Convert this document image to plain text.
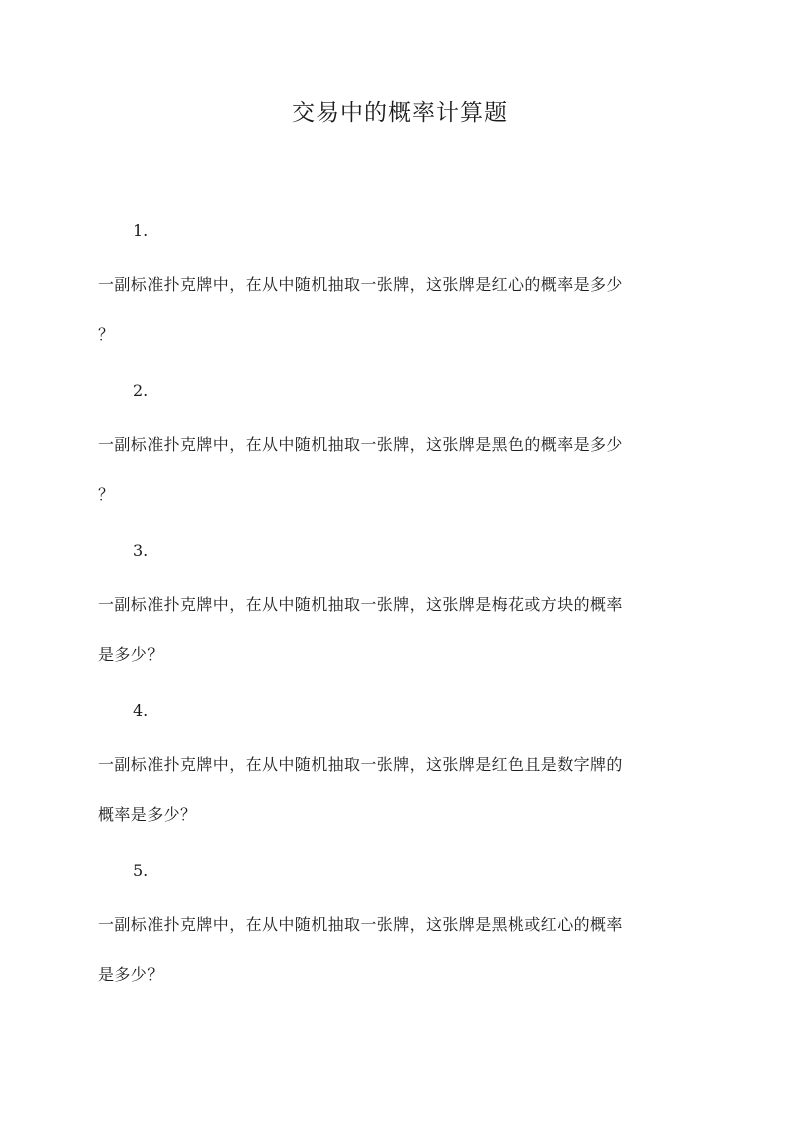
交易中的概率计算题
1.
一副标准扑克牌中，在从中随机抽取一张牌，这张牌是红心的概率是多少
？
2.
一副标准扑克牌中，在从中随机抽取一张牌，这张牌是黑色的概率是多少
？
3.
一副标准扑克牌中，在从中随机抽取一张牌，这张牌是梅花或方块的概率
是多少？
4.
一副标准扑克牌中，在从中随机抽取一张牌，这张牌是红色且是数字牌的
概率是多少？
5.
一副标准扑克牌中，在从中随机抽取一张牌，这张牌是黑桃或红心的概率
是多少？
